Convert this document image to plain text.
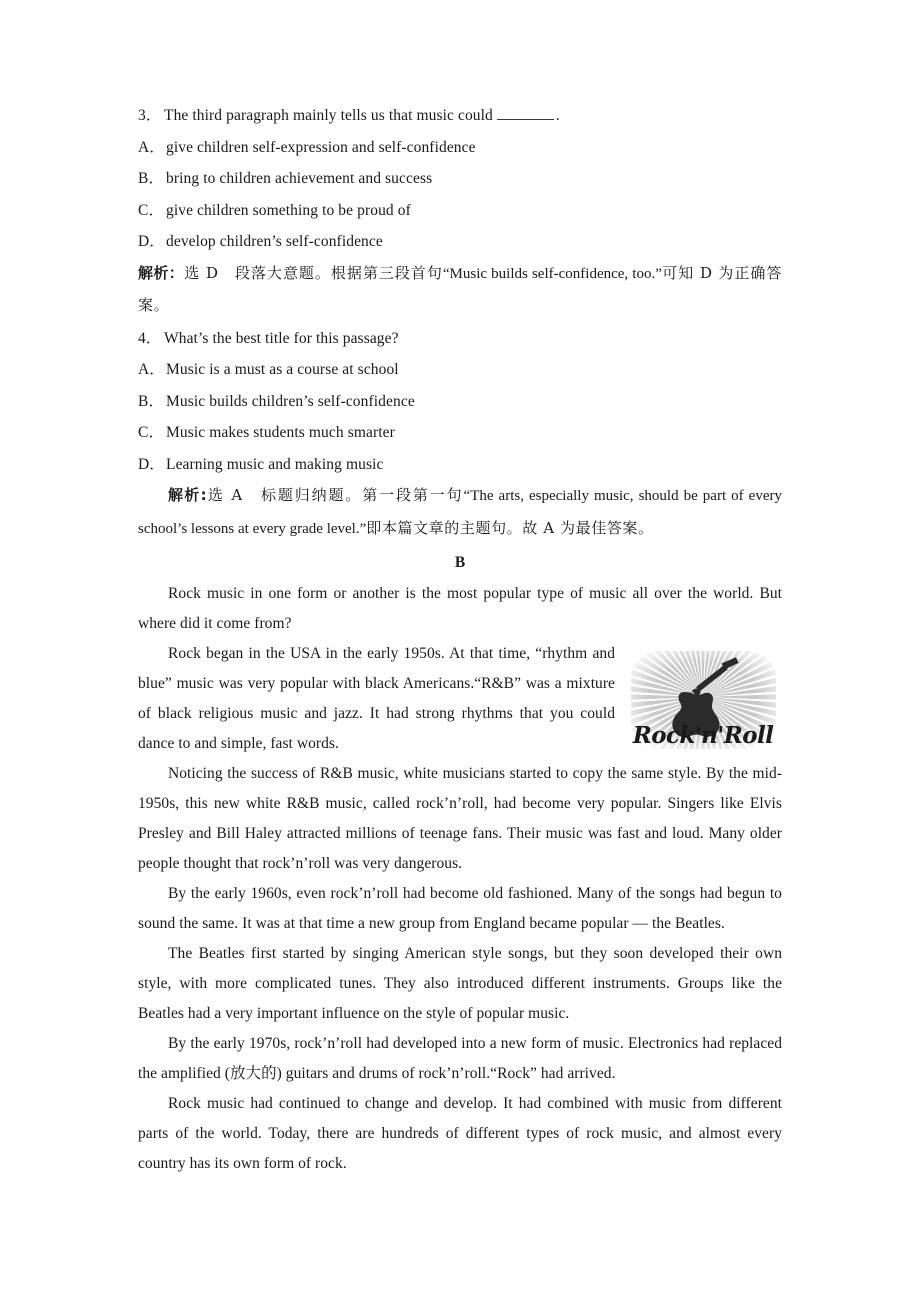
3． The third paragraph mainly tells us that music could	.
A．give children self-expression and self-confidence
B． bring to children achievement and success
C． give children something to be proud of
D．develop children’s self-confidence
解析：选 D　段落大意题。根据第三段首句“Music builds self-confidence, too.”可知 D 为正确答案。
4． What’s the best title for this passage?
A．Music is a must as a course at school
B． Music builds children’s self-confidence
C． Music makes students much smarter
D．Learning music and making music
解析:选 A　标题归纳题。第一段第一句“The arts, especially music, should be part of every school’s lessons at every grade level.”即本篇文章的主题句。故 A 为最佳答案。
B

Rock music in one form or another is the most popular type of music all over the world. But where did it come from?

Rock'n'Roll

Rock began in the USA in the early 1950s. At that time, “rhythm and blue” music was very popular with black Americans.“R&B” was a mixture of black religious music and jazz. It had strong rhythms that you could dance to and simple, fast words.

Noticing the success of R&B music, white musicians started to copy the same style. By the mid-1950s, this new white R&B music, called rock’n’roll, had become very popular. Singers like Elvis Presley and Bill Haley attracted millions of teenage fans. Their music was fast and loud. Many older people thought that rock’n’roll was very dangerous.

By the early 1960s, even rock’n’roll had become old fashioned. Many of the songs had begun to sound the same. It was at that time a new group from England became popular — the Beatles.

The Beatles first started by singing American style songs, but they soon developed their own style, with more complicated tunes. They also introduced different instruments. Groups like the Beatles had a very important influence on the style of popular music.

By the early 1970s, rock’n’roll had developed into a new form of music. Electronics had replaced the amplified (放大的) guitars and drums of rock’n’roll.“Rock” had arrived.

Rock music had continued to change and develop. It had combined with music from different parts of the world. Today, there are hundreds of different types of rock music, and almost every country has its own form of rock.
